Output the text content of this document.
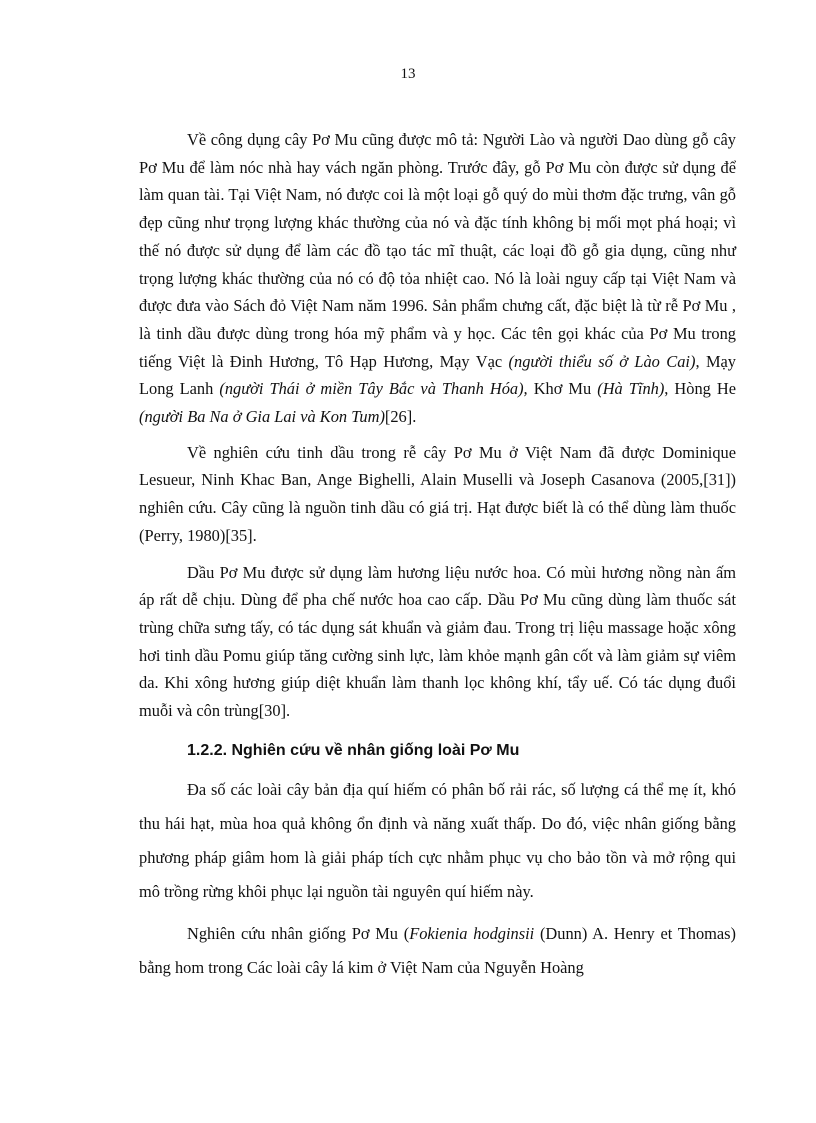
13

Về công dụng cây Pơ Mu cũng được mô tả: Người Lào và người Dao dùng gỗ cây Pơ Mu để làm nóc nhà hay vách ngăn phòng. Trước đây, gỗ Pơ Mu còn được sử dụng để làm quan tài. Tại Việt Nam, nó được coi là một loại gỗ quý do mùi thơm đặc trưng, vân gỗ đẹp cũng như trọng lượng khác thường của nó và đặc tính không bị mối mọt phá hoại; vì thế nó được sử dụng để làm các đồ tạo tác mĩ thuật, các loại đồ gỗ gia dụng, cũng như trọng lượng khác thường của nó có độ tỏa nhiệt cao. Nó là loài nguy cấp tại Việt Nam và được đưa vào Sách đỏ Việt Nam năm 1996. Sản phẩm chưng cất, đặc biệt là từ rễ Pơ Mu , là tinh dầu được dùng trong hóa mỹ phẩm và y học. Các tên gọi khác của Pơ Mu trong tiếng Việt là Đinh Hương, Tô Hạp Hương, Mạy Vạc (người thiểu số ở Lào Cai), Mạy Long Lanh (người Thái ở miền Tây Bắc và Thanh Hóa), Khơ Mu (Hà Tĩnh), Hòng He (người Ba Na ở Gia Lai và Kon Tum)[26].

Về nghiên cứu tinh dầu trong rễ cây Pơ Mu ở Việt Nam đã được Dominique Lesueur, Ninh Khac Ban, Ange Bighelli, Alain Muselli và Joseph Casanova (2005,[31]) nghiên cứu. Cây cũng là nguồn tinh dầu có giá trị. Hạt được biết là có thể dùng làm thuốc (Perry, 1980)[35].

Dầu Pơ Mu được sử dụng làm hương liệu nước hoa. Có mùi hương nồng nàn ấm áp rất dễ chịu. Dùng để pha chế nước hoa cao cấp. Dầu Pơ Mu cũng dùng làm thuốc sát trùng chữa sưng tấy, có tác dụng sát khuẩn và giảm đau. Trong trị liệu massage hoặc xông hơi tinh dầu Pomu giúp tăng cường sinh lực, làm khỏe mạnh gân cốt và làm giảm sự viêm da. Khi xông hương giúp diệt khuẩn làm thanh lọc không khí, tẩy uế. Có tác dụng đuổi muỗi và côn trùng[30].

1.2.2. Nghiên cứu về nhân giống loài Pơ Mu

Đa số các loài cây bản địa quí hiếm có phân bố rải rác, số lượng cá thể mẹ ít, khó thu hái hạt, mùa hoa quả không ổn định và năng xuất thấp. Do đó, việc nhân giống bằng phương pháp giâm hom là giải pháp tích cực nhằm phục vụ cho bảo tồn và mở rộng qui mô trồng rừng khôi phục lại nguồn tài nguyên quí hiếm này.

Nghiên cứu nhân giống Pơ Mu (Fokienia hodginsii (Dunn) A. Henry et Thomas) bằng hom trong Các loài cây lá kim ở Việt Nam của Nguyễn Hoàng
